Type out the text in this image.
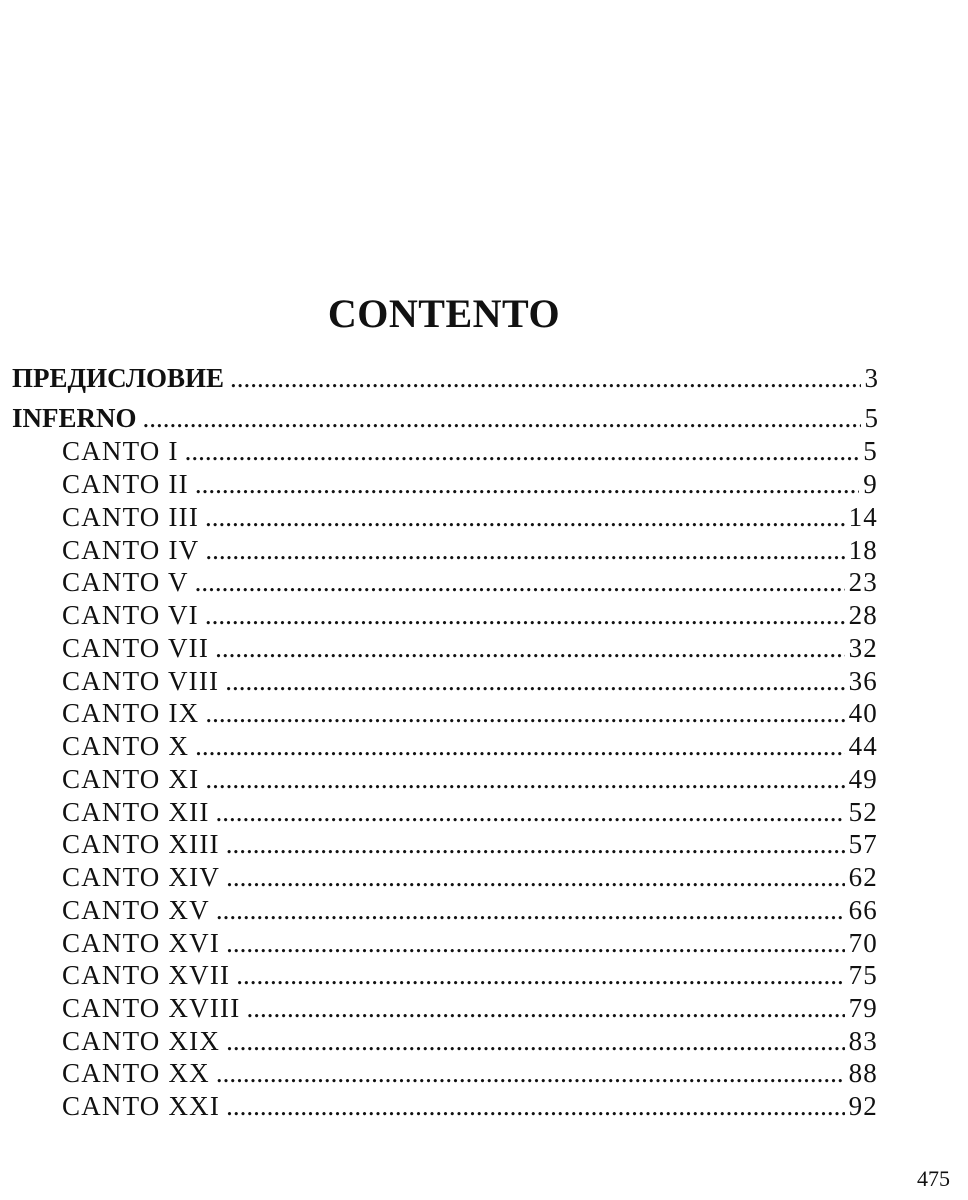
CONTENTO
ПРЕДИСЛОВИЕ .....	3
INFERNO .....	5
CANTO I .....	5
CANTO II .....	9
CANTO III .....	14
CANTO IV .....	18
CANTO V .....	23
CANTO VI .....	28
CANTO VII .....	32
CANTO VIII .....	36
CANTO IX .....	40
CANTO X .....	44
CANTO XI .....	49
CANTO XII .....	52
CANTO XIII .....	57
CANTO XIV .....	62
CANTO XV .....	66
CANTO XVI .....	70
CANTO XVII .....	75
CANTO XVIII .....	79
CANTO XIX .....	83
CANTO XX .....	88
CANTO XXI .....	92
475
